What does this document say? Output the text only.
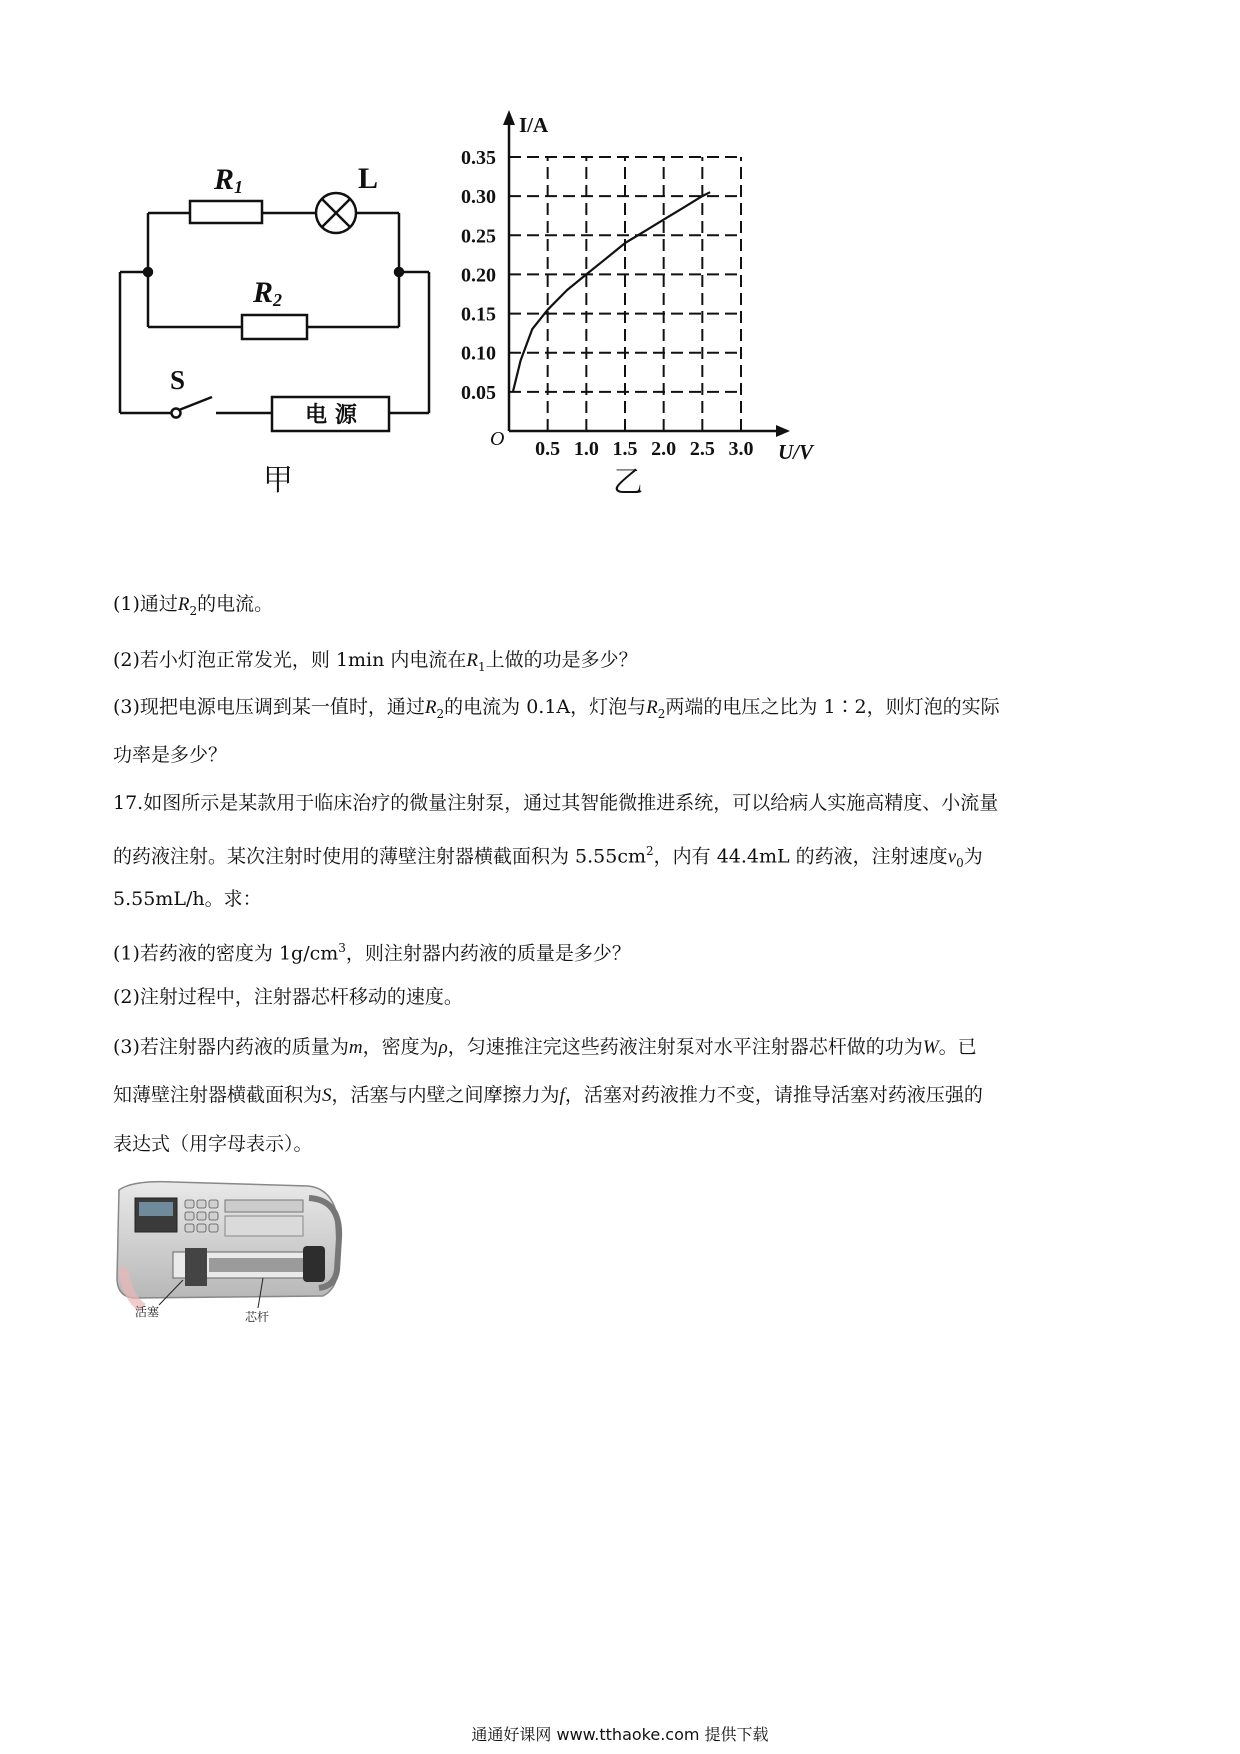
R1	L
R2
S
电 源
甲
0.5 1.0 1.5 2.0 2.5 3.0
0.05
0.10
0.15
0.20
0.25
0.30
0.35
I/A
U/V
O
乙
(1)通过$R_2$的电流。
(2)若小灯泡正常发光，则 1min 内电流在$R_1$上做的功是多少？
(3)现把电源电压调到某一值时，通过$R_2$的电流为 0.1A，灯泡与$R_2$两端的电压之比为 1∶2，则灯泡的实际
功率是多少？
17.如图所示是某款用于临床治疗的微量注射泵，通过其智能微推进系统，可以给病人实施高精度、小流量
的药液注射。某次注射时使用的薄壁注射器横截面积为 $5.55cm^2$，内有 44.4mL 的药液，注射速度$v_0$为
5.55mL/h。求：
(1)若药液的密度为 $1g/cm^3$，则注射器内药液的质量是多少？
(2)注射过程中，注射器芯杆移动的速度。
(3)若注射器内药液的质量为m，密度为ρ，匀速推注完这些药液注射泵对水平注射器芯杆做的功为W。已
知薄壁注射器横截面积为S，活塞与内壁之间摩擦力为f，活塞对药液推力不变，请推导活塞对药液压强的
表达式（用字母表示）。
活塞	芯杆
通通好课网 www.tthaoke.com 提供下载
